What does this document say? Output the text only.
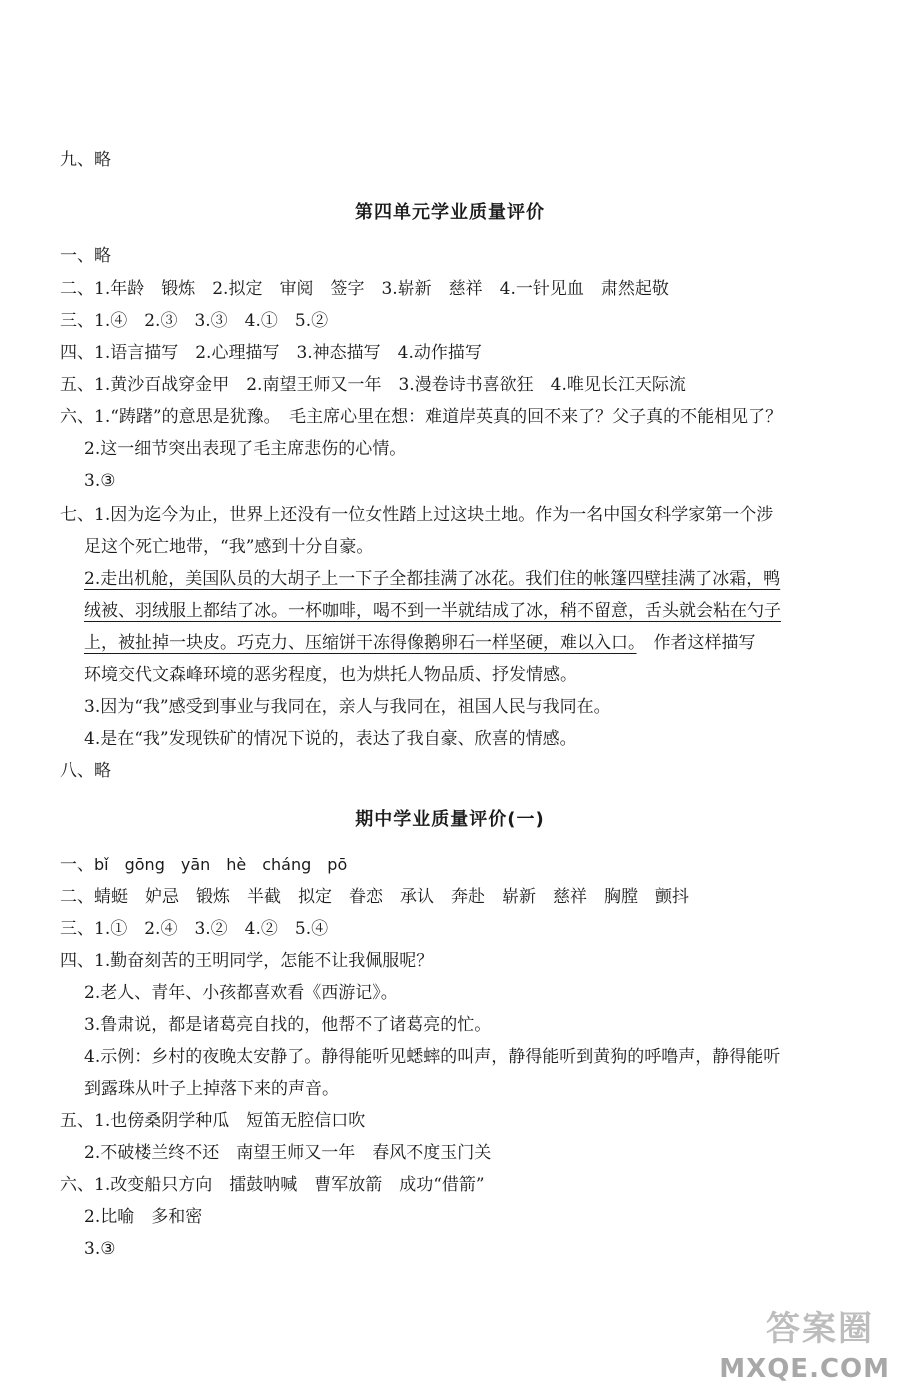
九、略
第四单元学业质量评价
一、略
二、1.年龄　锻炼　2.拟定　审阅　签字　3.崭新　慈祥　4.一针见血　肃然起敬
三、1.④　2.③　3.③　4.①　5.②
四、1.语言描写　2.心理描写　3.神态描写　4.动作描写
五、1.黄沙百战穿金甲　2.南望王师又一年　3.漫卷诗书喜欲狂　4.唯见长江天际流
六、1.“踌躇”的意思是犹豫。　毛主席心里在想：难道岸英真的回不来了？父子真的不能相见了？
2.这一细节突出表现了毛主席悲伤的心情。
3.③
七、1.因为迄今为止，世界上还没有一位女性踏上过这块土地。作为一名中国女科学家第一个涉
足这个死亡地带，“我”感到十分自豪。
2.走出机舱，美国队员的大胡子上一下子全都挂满了冰花。我们住的帐篷四壁挂满了冰霜，鸭
绒被、羽绒服上都结了冰。一杯咖啡，喝不到一半就结成了冰，稍不留意，舌头就会粘在勺子
上，被扯掉一块皮。巧克力、压缩饼干冻得像鹅卵石一样坚硬，难以入口。　作者这样描写
环境交代文森峰环境的恶劣程度，也为烘托人物品质、抒发情感。
3.因为“我”感受到事业与我同在，亲人与我同在，祖国人民与我同在。
4.是在“我”发现铁矿的情况下说的，表达了我自豪、欣喜的情感。
八、略
期中学业质量评价(一)
一、bǐ　gōng　yān　hè　cháng　pō
二、蜻蜓　妒忌　锻炼　半截　拟定　眷恋　承认　奔赴　崭新　慈祥　胸膛　颤抖
三、1.①　2.④　3.②　4.②　5.④
四、1.勤奋刻苦的王明同学，怎能不让我佩服呢？
2.老人、青年、小孩都喜欢看《西游记》。
3.鲁肃说，都是诸葛亮自找的，他帮不了诸葛亮的忙。
4.示例：乡村的夜晚太安静了。静得能听见蟋蟀的叫声，静得能听到黄狗的呼噜声，静得能听
到露珠从叶子上掉落下来的声音。
五、1.也傍桑阴学种瓜　短笛无腔信口吹
2.不破楼兰终不还　南望王师又一年　春风不度玉门关
六、1.改变船只方向　擂鼓呐喊　曹军放箭　成功“借箭”
2.比喻　多和密
3.③
答案圈
MXQE.COM
